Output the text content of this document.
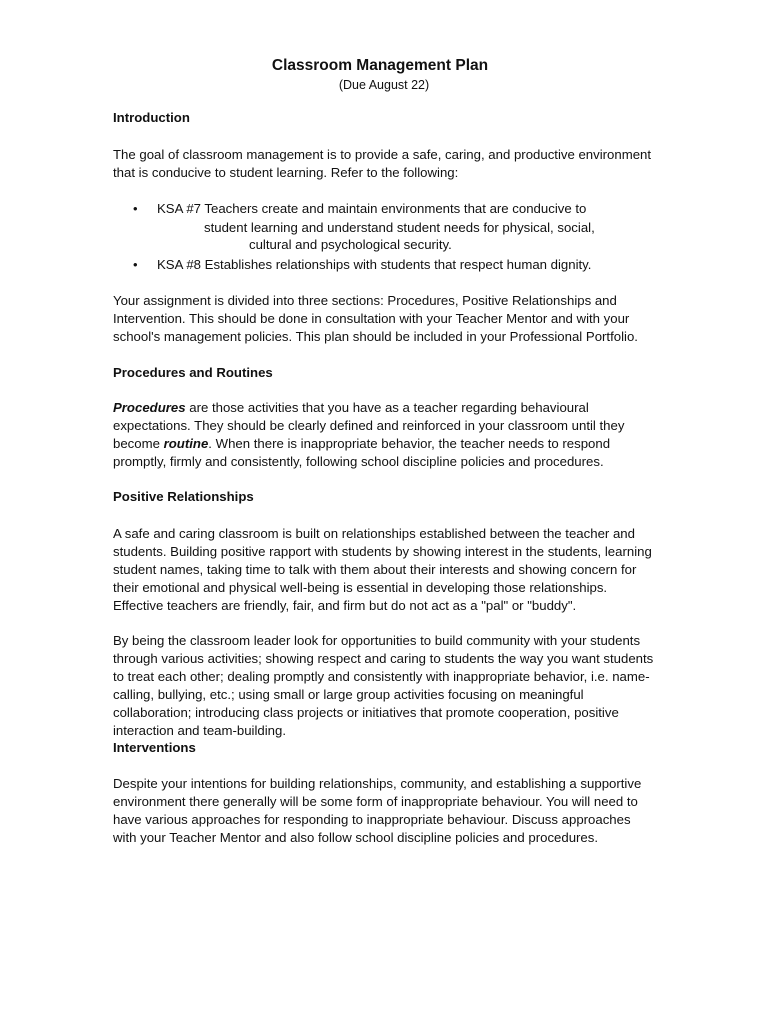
Classroom Management Plan
(Due August 22)
Introduction
The goal of classroom management is to provide a safe, caring, and productive environment that is conducive to student learning. Refer to the following:
• KSA #7 Teachers create and maintain environments that are conducive to
student learning and understand student needs for physical, social,
cultural and psychological security.
• KSA #8 Establishes relationships with students that respect human dignity.
Your assignment is divided into three sections: Procedures, Positive Relationships and Intervention. This should be done in consultation with your Teacher Mentor and with your school's management policies. This plan should be included in your Professional Portfolio.
Procedures and Routines
Procedures are those activities that you have as a teacher regarding behavioural expectations. They should be clearly defined and reinforced in your classroom until they become routine. When there is inappropriate behavior, the teacher needs to respond promptly, firmly and consistently, following school discipline policies and procedures.
Positive Relationships
A safe and caring classroom is built on relationships established between the teacher and students. Building positive rapport with students by showing interest in the students, learning student names, taking time to talk with them about their interests and showing concern for their emotional and physical well-being is essential in developing those relationships. Effective teachers are friendly, fair, and firm but do not act as a "pal" or "buddy".
By being the classroom leader look for opportunities to build community with your students through various activities; showing respect and caring to students the way you want students to treat each other; dealing promptly and consistently with inappropriate behavior, i.e. name-calling, bullying, etc.; using small or large group activities focusing on meaningful collaboration; introducing class projects or initiatives that promote cooperation, positive interaction and team-building.
Interventions
Despite your intentions for building relationships, community, and establishing a supportive environment there generally will be some form of inappropriate behaviour. You will need to have various approaches for responding to inappropriate behaviour. Discuss approaches with your Teacher Mentor and also follow school discipline policies and procedures.
